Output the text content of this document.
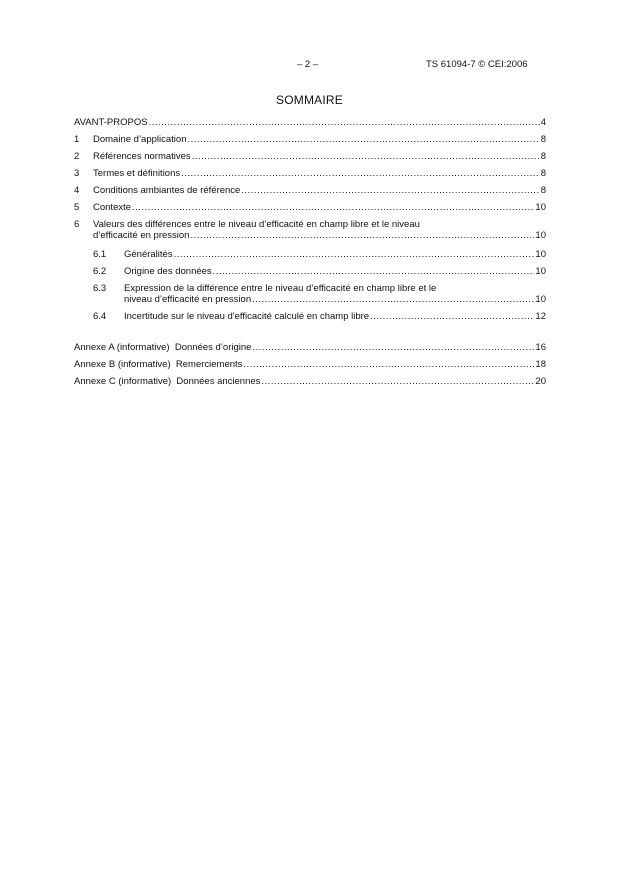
– 2 –	TS 61094-7 © CEI:2006
SOMMAIRE
AVANT-PROPOS .....	4
1 Domaine d’application .....	8
2 Références normatives .....	8
3 Termes et définitions .....	8
4 Conditions ambiantes de référence .....	8
5 Contexte .....	10
6 Valeurs des différences entre le niveau d’efficacité en champ libre et le niveau
d’efficacité en pression .....	10
6.1 Généralités .....	10
6.2 Origine des données .....	10
6.3 Expression de la différence entre le niveau d’efficacité en champ libre et le
niveau d’efficacité en pression .....	10
6.4 Incertitude sur le niveau d'efficacité calculé en champ libre .....	12
Annexe A (informative)  Données d’origine .....	16
Annexe B (informative)  Remerciements .....	18
Annexe C (informative)  Données anciennes .....	20
